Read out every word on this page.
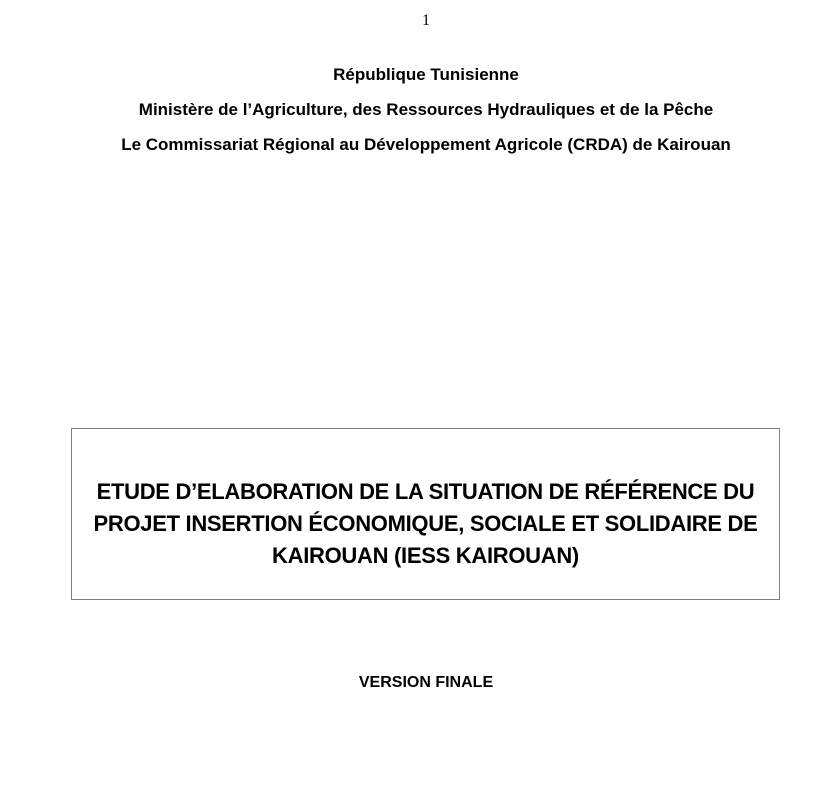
1
République Tunisienne
Ministère de l’Agriculture, des Ressources Hydrauliques et de la Pêche
Le Commissariat Régional au Développement Agricole (CRDA) de Kairouan
ETUDE D’ELABORATION DE LA SITUATION DE RÉFÉRENCE DU
PROJET INSERTION ÉCONOMIQUE, SOCIALE ET SOLIDAIRE DE
KAIROUAN (IESS KAIROUAN)
VERSION FINALE
